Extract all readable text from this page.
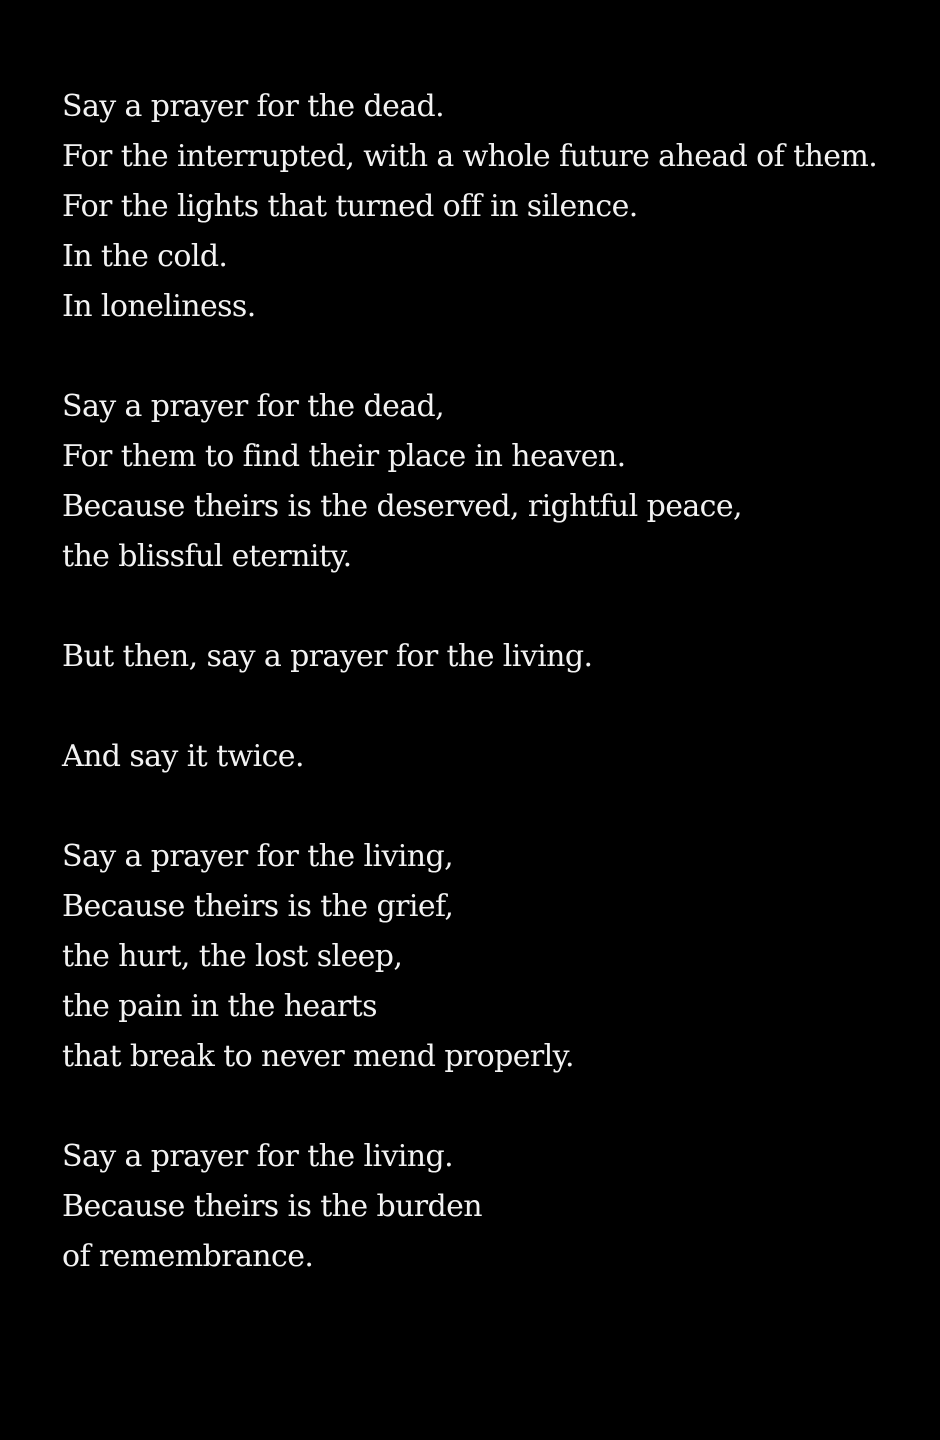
Say a prayer for the dead.
For the interrupted, with a whole future ahead of them.
For the lights that turned off in silence.
In the cold.
In loneliness.
Say a prayer for the dead,
For them to find their place in heaven.
Because theirs is the deserved, rightful peace,
the blissful eternity.
But then, say a prayer for the living.
And say it twice.
Say a prayer for the living,
Because theirs is the grief,
the hurt, the lost sleep,
the pain in the hearts
that break to never mend properly.
Say a prayer for the living.
Because theirs is the burden
of remembrance.
